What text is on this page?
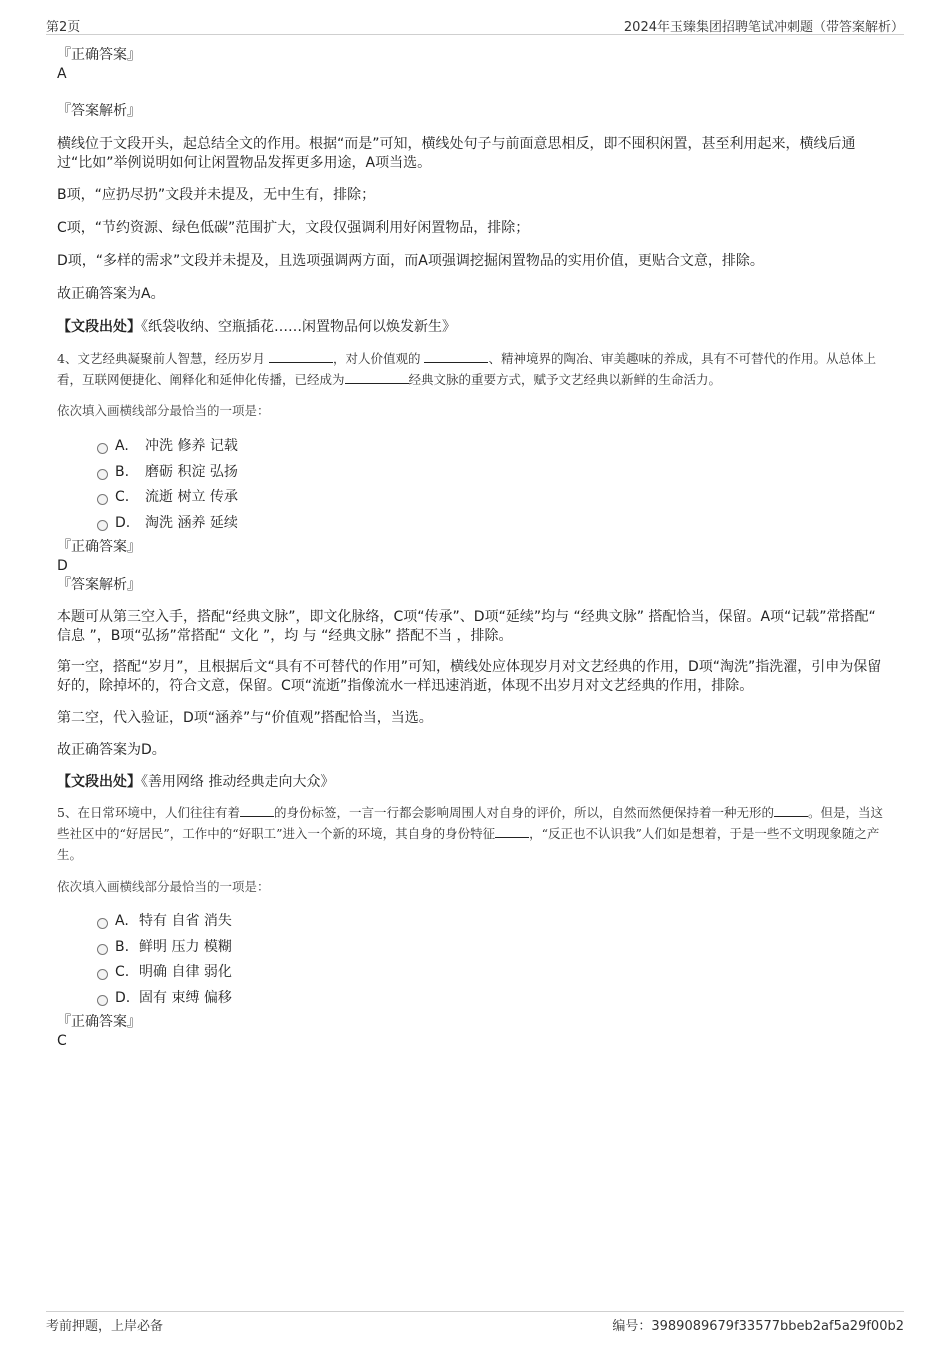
第2页	2024年玉臻集团招聘笔试冲刺题（带答案解析）

『正确答案』

A

『答案解析』

横线位于文段开头，起总结全文的作用。根据“而是”可知，横线处句子与前面意思相反，即不囤积闲置，甚至利用起来，横线后通过“比如”举例说明如何让闲置物品发挥更多用途，A项当选。

B项，“应扔尽扔”文段并未提及，无中生有，排除；

C项，“节约资源、绿色低碳”范围扩大，文段仅强调利用好闲置物品，排除；

D项，“多样的需求”文段并未提及，且选项强调两方面，而A项强调挖掘闲置物品的实用价值，更贴合文意，排除。

故正确答案为A。

【文段出处】《纸袋收纳、空瓶插花……闲置物品何以焕发新生》

4、文艺经典凝聚前人智慧，经历岁月	，对人价值观的	、精神境界的陶冶、审美趣味的养成，具有不可替代的作用。从总体上看，互联网便捷化、阐释化和延伸化传播，已经成为	经典文脉的重要方式，赋予文艺经典以新鲜的生命活力。

依次填入画横线部分最恰当的一项是：

A. 冲洗 修养 记载
B. 磨砺 积淀 弘扬
C. 流逝 树立 传承
D. 淘洗 涵养 延续

『正确答案』

D

『答案解析』

本题可从第三空入手，搭配“经典文脉”，即文化脉络，C项“传承”、D项“延续”均与 “经典文脉” 搭配恰当，保留。A项“记载”常搭配“ 信息 ”，B项“弘扬”常搭配“ 文化 ”，均 与 “经典文脉” 搭配不当 ，排除。

第一空，搭配“岁月”，且根据后文“具有不可替代的作用”可知，横线处应体现岁月对文艺经典的作用，D项“淘洗”指洗濯，引申为保留好的，除掉坏的，符合文意，保留。C项“流逝”指像流水一样迅速消逝，体现不出岁月对文艺经典的作用，排除。

第二空，代入验证，D项“涵养”与“价值观”搭配恰当，当选。

故正确答案为D。

【文段出处】《善用网络 推动经典走向大众》

5、在日常环境中，人们往往有着	的身份标签，一言一行都会影响周围人对自身的评价，所以，自然而然便保持着一种无形的	。但是，当这些社区中的“好居民”，工作中的“好职工”进入一个新的环境，其自身的身份特征	，“反正也不认识我”人们如是想着，于是一些不文明现象随之产生。

依次填入画横线部分最恰当的一项是：

A. 特有 自省 消失
B. 鲜明 压力 模糊
C. 明确 自律 弱化
D. 固有 束缚 偏移

『正确答案』

C

考前押题，上岸必备	编号：3989089679f33577bbeb2af5a29f00b2
